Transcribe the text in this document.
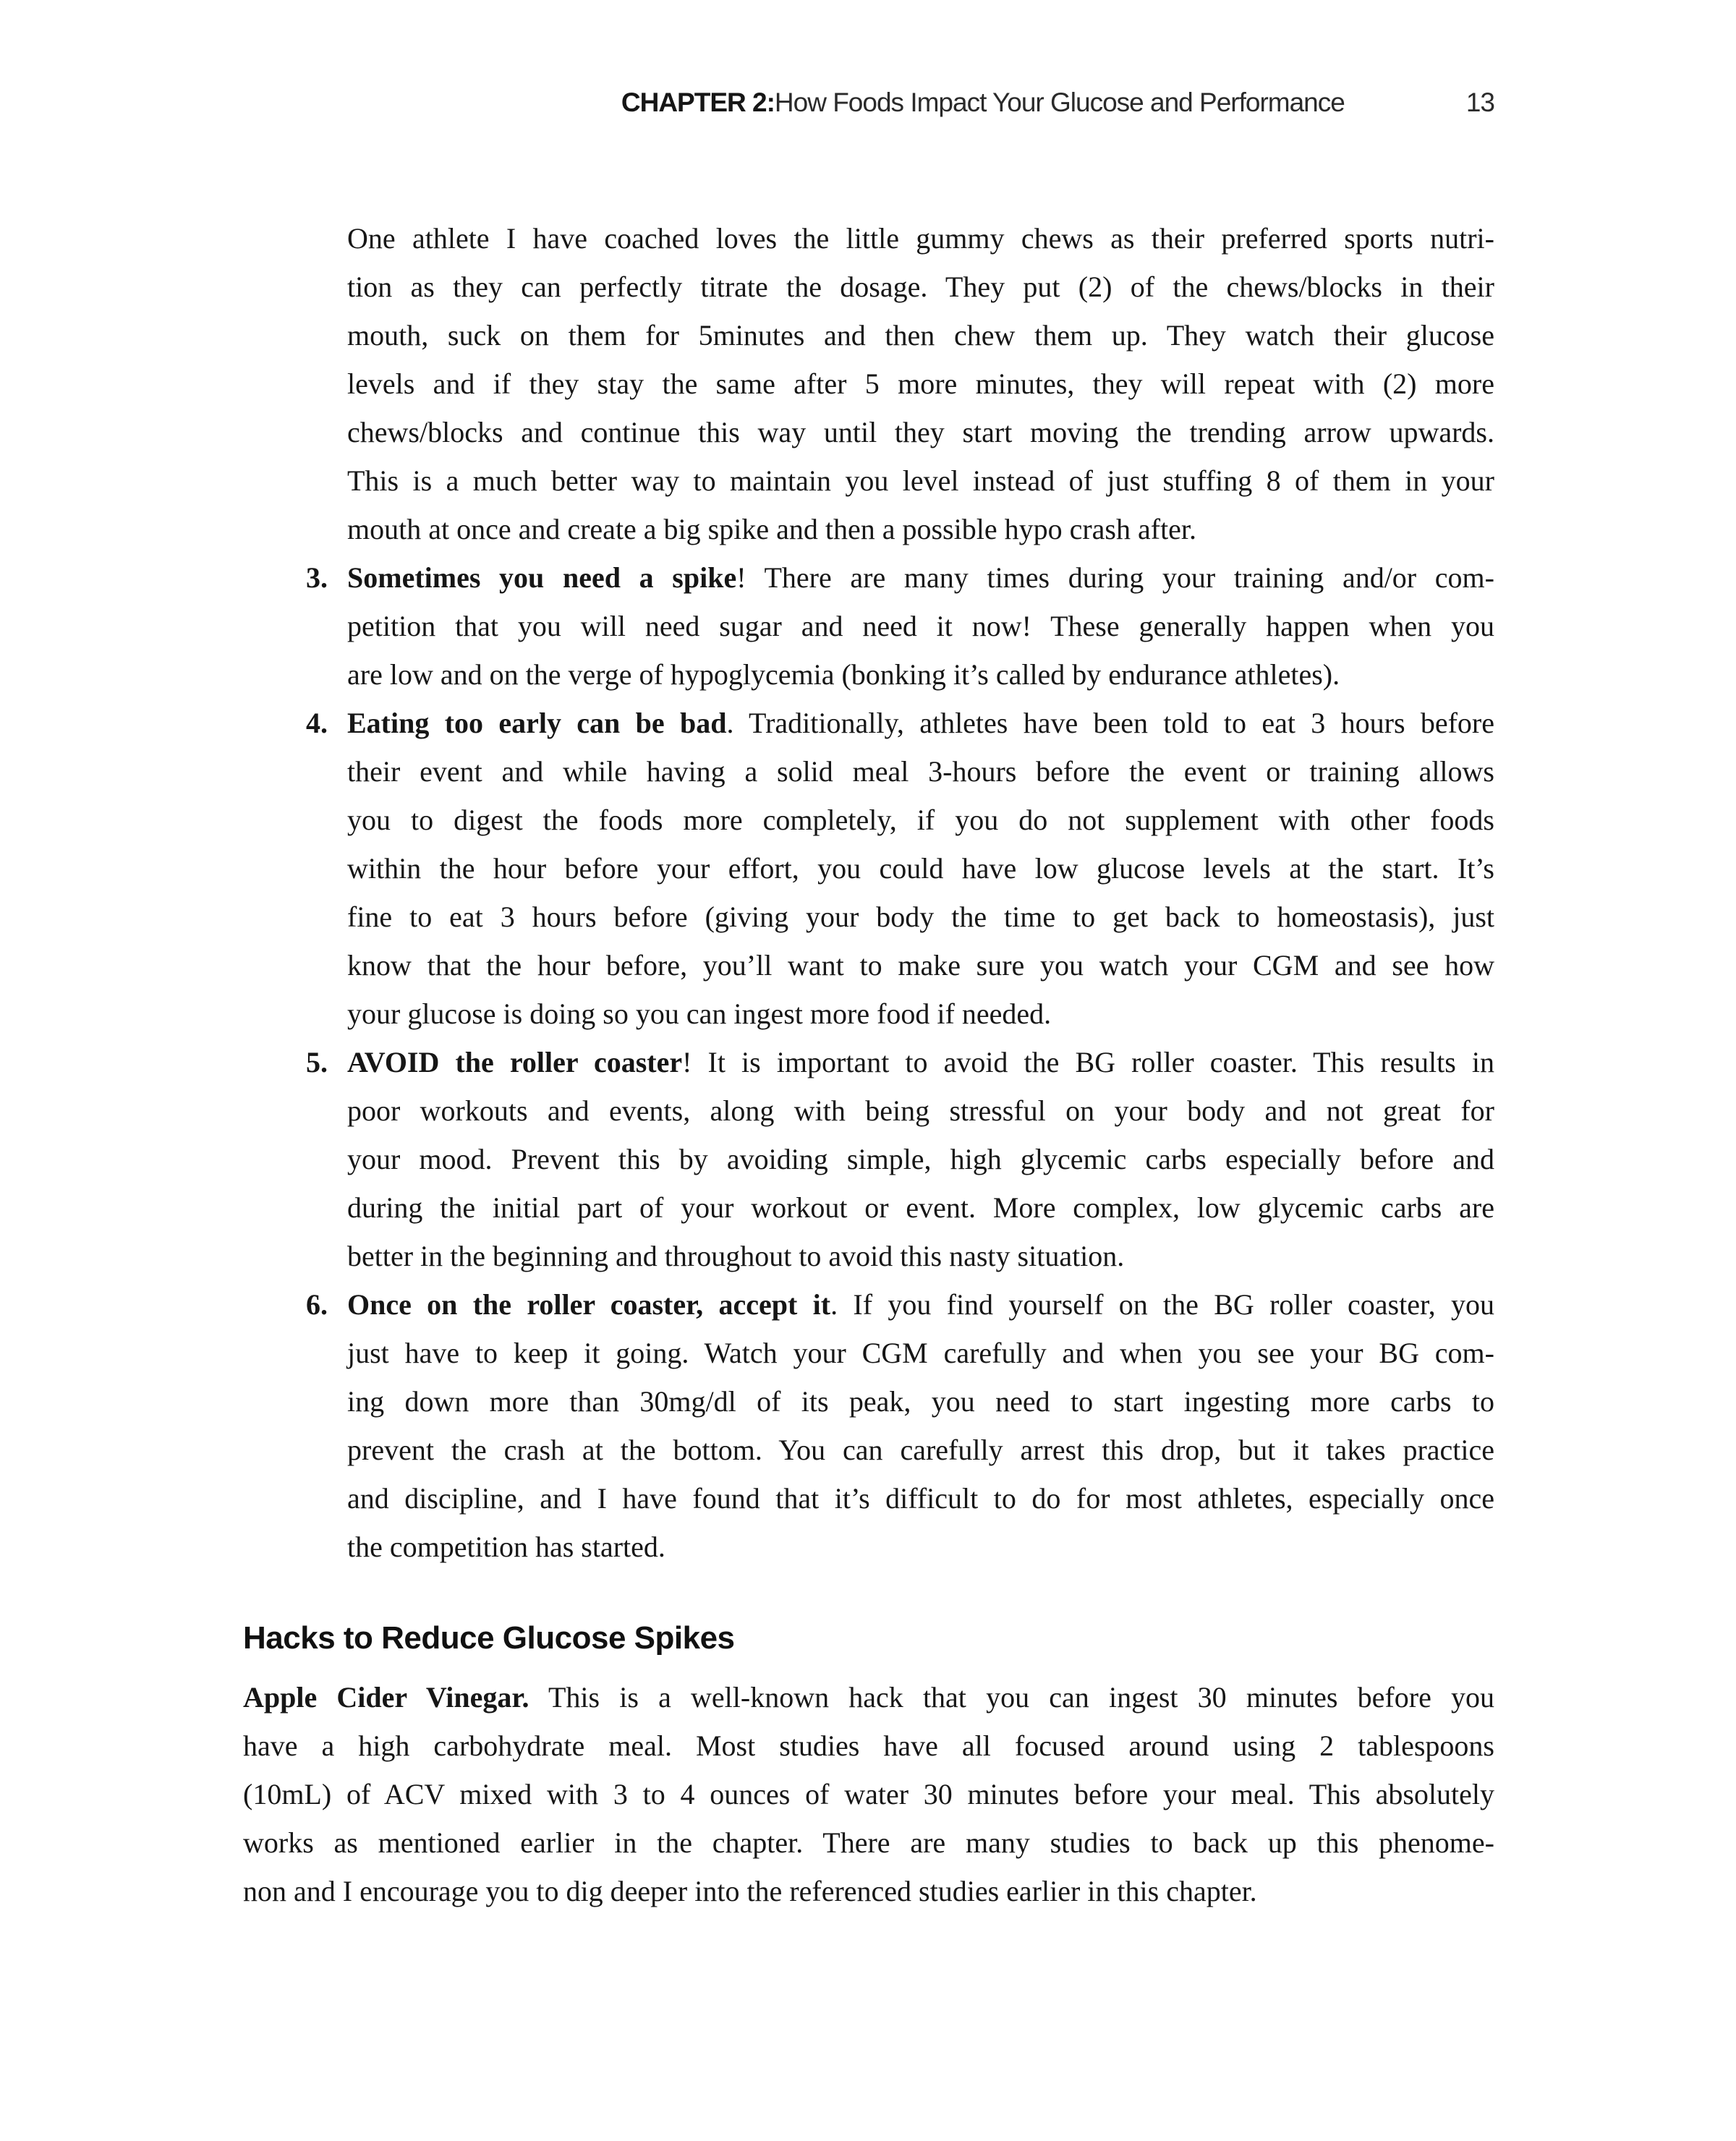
CHAPTER 2: How Foods Impact Your Glucose and Performance	13
One athlete I have coached loves the little gummy chews as their preferred sports nutri-
tion as they can perfectly titrate the dosage. They put (2) of the chews/blocks in their
mouth, suck on them for 5minutes and then chew them up. They watch their glucose
levels and if they stay the same after 5 more minutes, they will repeat with (2) more
chews/blocks and continue this way until they start moving the trending arrow upwards.
This is a much better way to maintain you level instead of just stuffing 8 of them in your
mouth at once and create a big spike and then a possible hypo crash after.
3. Sometimes you need a spike! There are many times during your training and/or com-
petition that you will need sugar and need it now! These generally happen when you
are low and on the verge of hypoglycemia (bonking it’s called by endurance athletes).
4. Eating too early can be bad. Traditionally, athletes have been told to eat 3 hours before
their event and while having a solid meal 3-hours before the event or training allows
you to digest the foods more completely, if you do not supplement with other foods
within the hour before your effort, you could have low glucose levels at the start. It’s
fine to eat 3 hours before (giving your body the time to get back to homeostasis), just
know that the hour before, you’ll want to make sure you watch your CGM and see how
your glucose is doing so you can ingest more food if needed.
5. AVOID the roller coaster! It is important to avoid the BG roller coaster. This results in
poor workouts and events, along with being stressful on your body and not great for
your mood. Prevent this by avoiding simple, high glycemic carbs especially before and
during the initial part of your workout or event. More complex, low glycemic carbs are
better in the beginning and throughout to avoid this nasty situation.
6. Once on the roller coaster, accept it. If you find yourself on the BG roller coaster, you
just have to keep it going. Watch your CGM carefully and when you see your BG com-
ing down more than 30mg/dl of its peak, you need to start ingesting more carbs to
prevent the crash at the bottom. You can carefully arrest this drop, but it takes practice
and discipline, and I have found that it’s difficult to do for most athletes, especially once
the competition has started.
Hacks to Reduce Glucose Spikes
Apple Cider Vinegar. This is a well-known hack that you can ingest 30 minutes before you
have a high carbohydrate meal. Most studies have all focused around using 2 tablespoons
(10mL) of ACV mixed with 3 to 4 ounces of water 30 minutes before your meal. This absolutely
works as mentioned earlier in the chapter. There are many studies to back up this phenome-
non and I encourage you to dig deeper into the referenced studies earlier in this chapter.
